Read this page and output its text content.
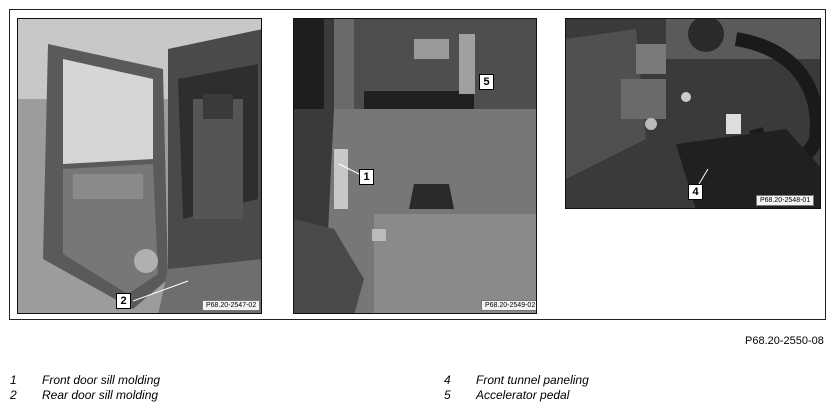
2	P68.20-2547-02
1
5
P68.20-2549-02
4
P68.20-2548-01
P68.20-2550-08
1 Front door sill molding
2 Rear door sill molding
4 Front tunnel paneling
5 Accelerator pedal
